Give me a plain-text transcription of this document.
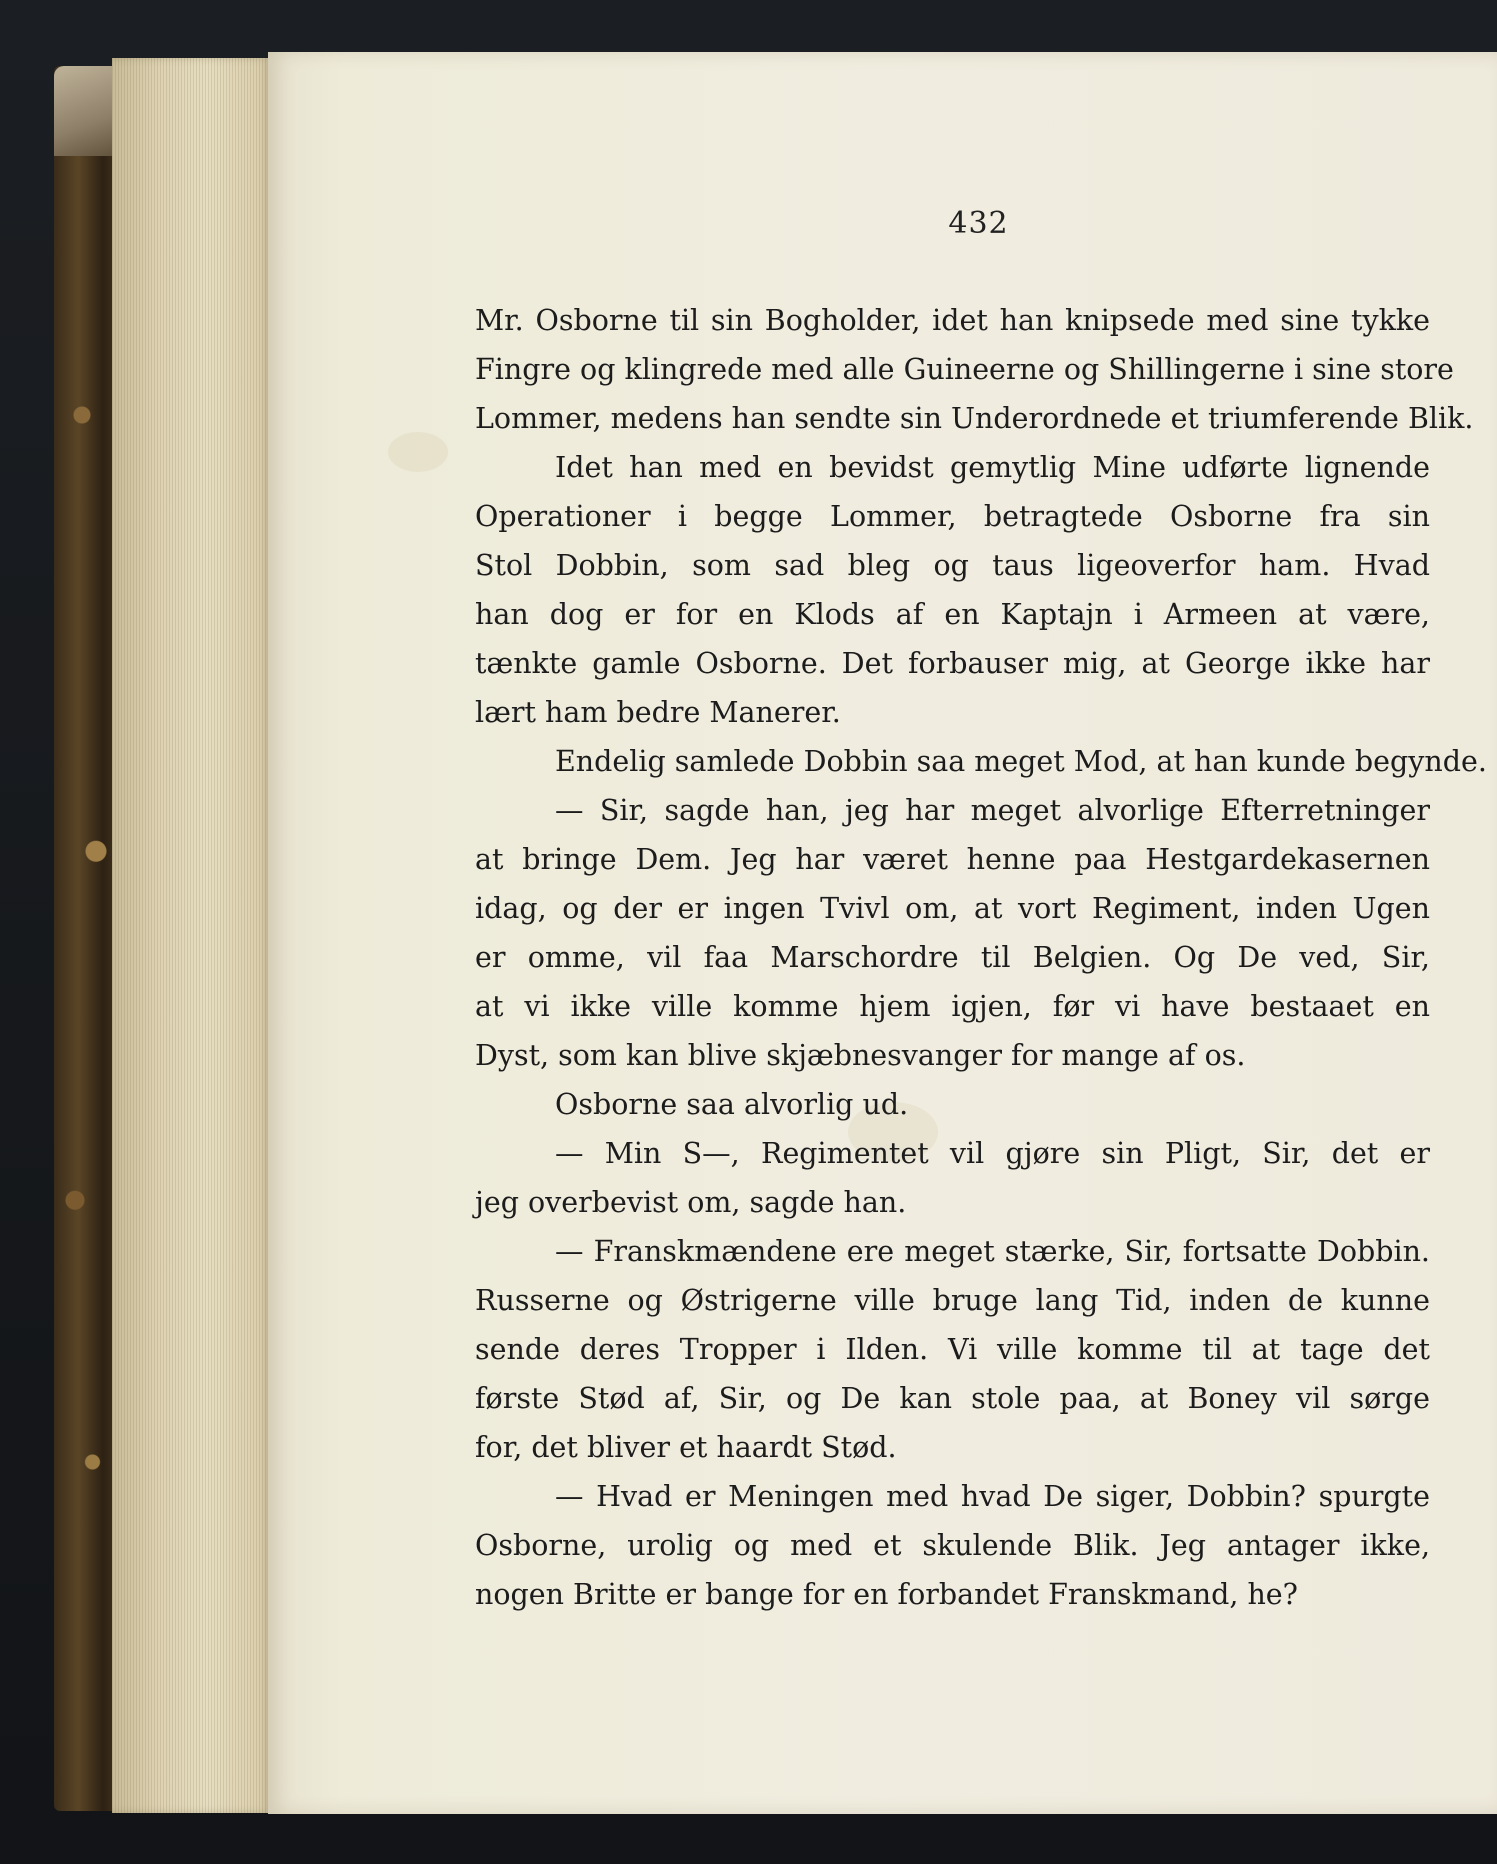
432
Mr. Osborne til sin Bogholder, idet han knipsede med sine tykke
Fingre og klingrede med alle Guineerne og Shillingerne i sine store
Lommer, medens han sendte sin Underordnede et triumferende Blik.
Idet han med en bevidst gemytlig Mine udførte lignende
Operationer i begge Lommer, betragtede Osborne fra sin
Stol Dobbin, som sad bleg og taus ligeoverfor ham. Hvad
han dog er for en Klods af en Kaptajn i Armeen at være,
tænkte gamle Osborne. Det forbauser mig, at George ikke har
lært ham bedre Manerer.
Endelig samlede Dobbin saa meget Mod, at han kunde begynde.
— Sir, sagde han, jeg har meget alvorlige Efterretninger
at bringe Dem. Jeg har været henne paa Hestgardekasernen
idag, og der er ingen Tvivl om, at vort Regiment, inden Ugen
er omme, vil faa Marschordre til Belgien. Og De ved, Sir,
at vi ikke ville komme hjem igjen, før vi have bestaaet en
Dyst, som kan blive skjæbnesvanger for mange af os.
Osborne saa alvorlig ud.
— Min S—, Regimentet vil gjøre sin Pligt, Sir, det er
jeg overbevist om, sagde han.
— Franskmændene ere meget stærke, Sir, fortsatte Dobbin.
Russerne og Østrigerne ville bruge lang Tid, inden de kunne
sende deres Tropper i Ilden. Vi ville komme til at tage det
første Stød af, Sir, og De kan stole paa, at Boney vil sørge
for, det bliver et haardt Stød.
— Hvad er Meningen med hvad De siger, Dobbin? spurgte
Osborne, urolig og med et skulende Blik. Jeg antager ikke,
nogen Britte er bange for en forbandet Franskmand, he?
